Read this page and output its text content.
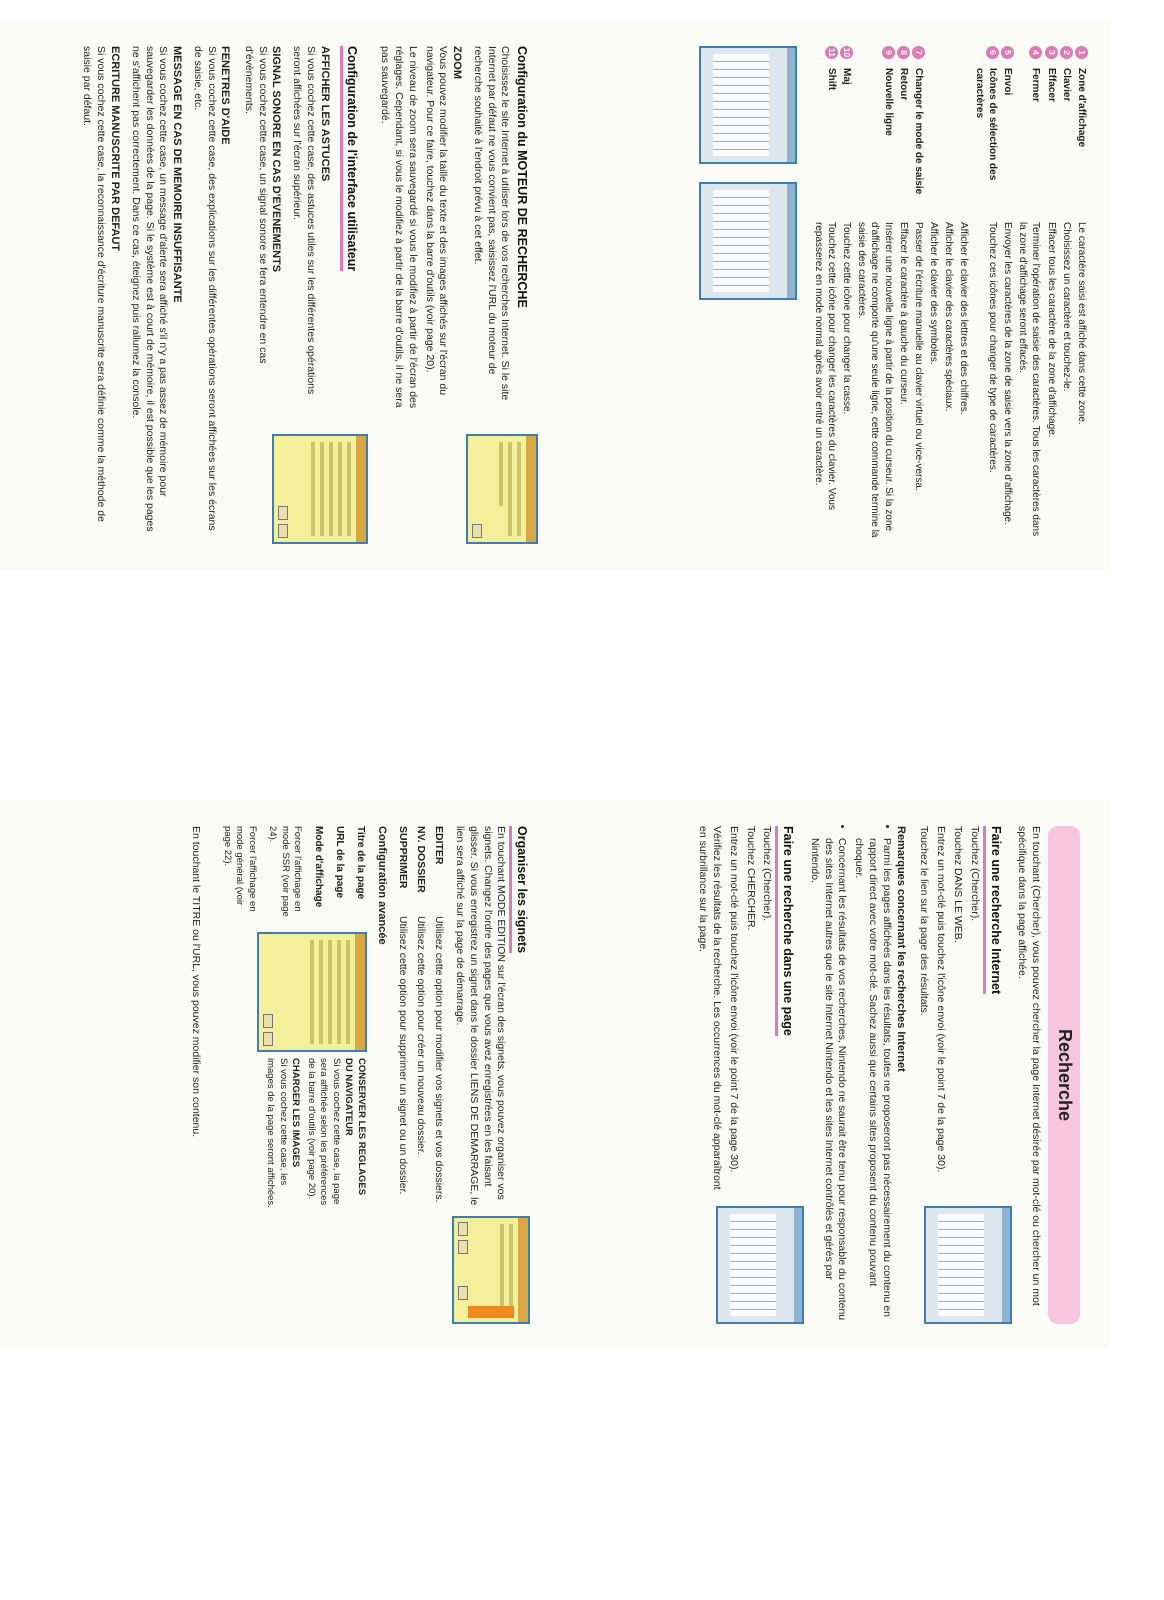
1
Zone d'affichage
Le caractère saisi est affiché dans cette zone.
2
Clavier
Choisissez un caractère et touchez-le.
3
Effacer
Effacer tous les caractère de la zone d'affichage.
4
Fermer
Terminer l'opération de saisie des caractères. Tous les caractères dans la zone d'affichage seront effacés.
5
Envoi
Envoyer les caractères de la zone de saisie vers la zone d'affichage.
6
Icônes de sélection des caractères
Touchez ces icônes pour changer de type de caractères.
Afficher le clavier des lettres et des chiffres.
Afficher le clavier des caractères spéciaux.
Afficher le clavier des symboles.
7
Changer le mode de saisie
Passer de l'écriture manuelle au clavier virtuel ou vice-versa.
8
Retour
Effacer le caractère à gauche du curseur.
9
Nouvelle ligne
Insérer une nouvelle ligne à partir de la position du curseur. Si la zone d'affichage ne comporte qu'une seule ligne, cette commande termine la saisie des caractères.
10
Maj
Touchez cette icône pour changer la casse.
11
Shift
Touchez cette icône pour changer les caractères du clavier. Vous repasserez en mode normal après avoir entré un caractère.
Configuration du MOTEUR DE RECHERCHE

Choisissez le site Internet à utiliser lors de vos recherches Internet. Si le site Internet par défaut ne vous convient pas, saisissez l'URL du moteur de recherche souhaité à l'endroit prévu à cet effet.

ZOOM

Vous pouvez modifier la taille du texte et des images affichés sur l'écran du navigateur. Pour ce faire, touchez dans la barre d'outils (voir page 20).

Le niveau de zoom sera sauvegardé si vous le modifiez à partir de l'écran des réglages. Cependant, si vous le modifiez à partir de la barre d'outils, il ne sera pas sauvegardé.

Configuration de l'interface utilisateur
AFFICHER LES ASTUCES

Si vous cochez cette case, des astuces utiles sur les différentes opérations seront affichées sur l'écran supérieur.

SIGNAL SONORE EN CAS D'EVENEMENTS

Si vous cochez cette case, un signal sonore se fera entendre en cas d'évènements.

FENETRES D'AIDE

Si vous cochez cette case, des explications sur les différentes opérations seront affichées sur les écrans de saisie, etc.

MESSAGE EN CAS DE MEMOIRE INSUFFISANTE

Si vous cochez cette case, un message d'alerte sera affiché s'il n'y a pas assez de mémoire pour sauvegarder les données de la page. Si le système est à court de mémoire, il est possible que les pages ne s'affichent pas correctement. Dans ce cas, éteignez puis rallumez la console.

ECRITURE MANUSCRITE PAR DEFAUT

Si vous cochez cette case, la reconnaissance d'écriture manuscrite sera définie comme la méthode de saisie par défaut.

Recherche

En touchant (Chercher), vous pouvez chercher la page Internet désirée par mot-clé ou chercher un mot spécifique dans la page affichée.

Faire une recherche Internet

Touchez (Chercher).

Touchez DANS LE WEB.

Entrez un mot-clé puis touchez l'icône envoi (voir le point 7 de la page 30).

Touchez le lien sur la page des résultats.

Remarques concernant les recherches Internet
• Parmi les pages affichées dans les résultats, toutes ne proposeront pas nécessairement du contenu en rapport direct avec votre mot-clé. Sachez aussi que certains sites proposent du contenu pouvant choquer.
• Concernant les résultats de vos recherches, Nintendo ne saurait être tenu pour responsable du contenu des sites Internet autres que le site Internet Nintendo et les sites Internet contrôlés et gérés par Nintendo.
Faire une recherche dans une page

Touchez (Chercher).

Touchez CHERCHER.

Entrez un mot-clé puis touchez l'icône envoi (voir le point 7 de la page 30).

Vérifiez les résultats de la recherche. Les occurrences du mot-clé apparaîtront en surbrillance sur la page.

Organiser les signets

En touchant MODE EDITION sur l'écran des signets, vous pouvez organiser vos signets. Changez l'ordre des pages que vous avez enregistrées en les faisant glisser. Si vous enregistrez un signet dans le dossier LIENS DE DEMARRAGE, le lien sera affiché sur la page de démarrage.

EDITER
Utilisez cette option pour modifier vos signets et vos dossiers.
NV. DOSSIER
Utilisez cette option pour créer un nouveau dossier.
SUPPRIMER
Utilisez cette option pour supprimer un signet ou un dossier.
Configuration avancée
Titre de la page
URL de la page
Mode d'affichage
Forcer l'affichage en mode SSR (voir page 24).
Forcer l'affichage en mode général (voir page 22).
CONSERVER LES REGLAGES DU NAVIGATEUR

Si vous cochez cette case, la page sera affichée selon les préférences de la barre d'outils (voir page 20).

CHARGER LES IMAGES

Si vous cochez cette case, les images de la page seront affichées.

En touchant le TITRE ou l'URL, vous pouvez modifier son contenu.
